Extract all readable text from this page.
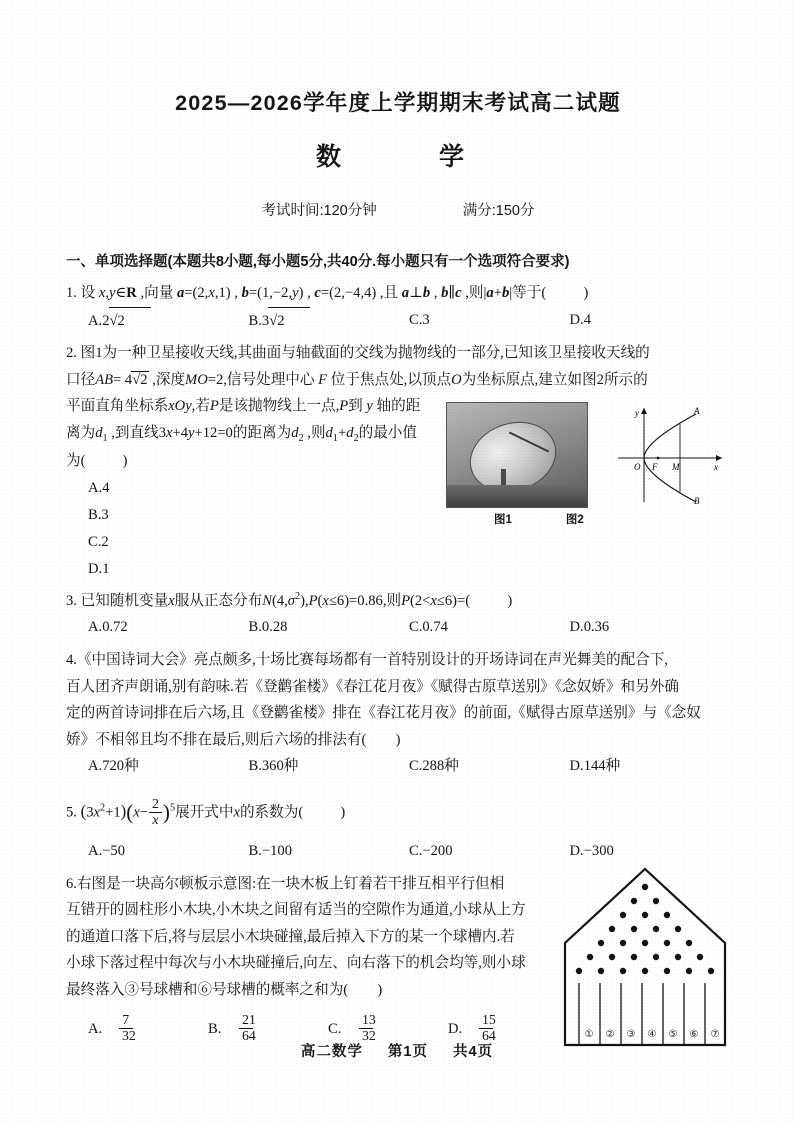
2025—2026学年度上学期期末考试高二试题
数　　学
考试时间:120分钟	满分:150分
一、单项选择题(本题共8小题,每小题5分,共40分.每小题只有一个选项符合要求)

1. 设 x,y∈R ,向量 a=(2,x,1) , b=(1,−2,y) , c=(2,−4,4) ,且 a⊥b , b∥c ,则|a+b|等于(　　	)

A.2√2	B.3√2	C.3	D.4

2. 图1为一种卫星接收天线,其曲面与轴截面的交线为抛物线的一部分,已知该卫星接收天线的

口径AB= 4√2 ,深度MO=2,信号处理中心 F 位于焦点处,以顶点O为坐标原点,建立如图2所示的

平面直角坐标系xOy,若P是该抛物线上一点,P到 y 轴的距

离为$d_1$ ,到直线3x+4y+12=0的距离为$d_2$ ,则$d_1+d_2$的最小值

为(　　	)

A.4
B.3
C.2
D.1
O F M	x
y	A
B
图1	图2

3. 已知随机变量x服从正态分布$N(4,\sigma^2),P(x\le 6)=0.86$,则P(2<x≤6)=(　　	)

A.0.72	B.0.28	C.0.74	D.0.36

4.《中国诗词大会》亮点颇多,十场比赛每场都有一首特别设计的开场诗词在声光舞美的配合下,

百人团齐声朗诵,别有韵味.若《登鹳雀楼》《春江花月夜》《赋得古原草送别》《念奴娇》和另外确

定的两首诗词排在后六场,且《登鹳雀楼》排在《春江花月夜》的前面,《赋得古原草送别》与《念奴

娇》不相邻且均不排在最后,则后六场的排法有(　　)

A.720种	B.360种	C.288种	D.144种

5. $(3x^2+1)(x- \frac{2}{x} )^5$展开式中x的系数为(　　	)

A.−50	B.−100	C.−200	D.−300

6.右图是一块高尔顿板示意图:在一块木板上钉着若干排互相平行但相

互错开的圆柱形小木块,小木块之间留有适当的空隙作为通道,小球从上方

的通道口落下后,将与层层小木块碰撞,最后掉入下方的某一个球槽内.若

小球下落过程中每次与小木块碰撞后,向左、向右落下的机会均等,则小球

最终落入③号球槽和⑥号球槽的概率之和为(　　)

A. $\frac{7}{32}$	B. $\frac{21}{64}$	C. $\frac{13}{32}$	D. $\frac{15}{64}$	① ② ③ ④ ⑤ ⑥ ⑦
高二数学 第1页 共4页
